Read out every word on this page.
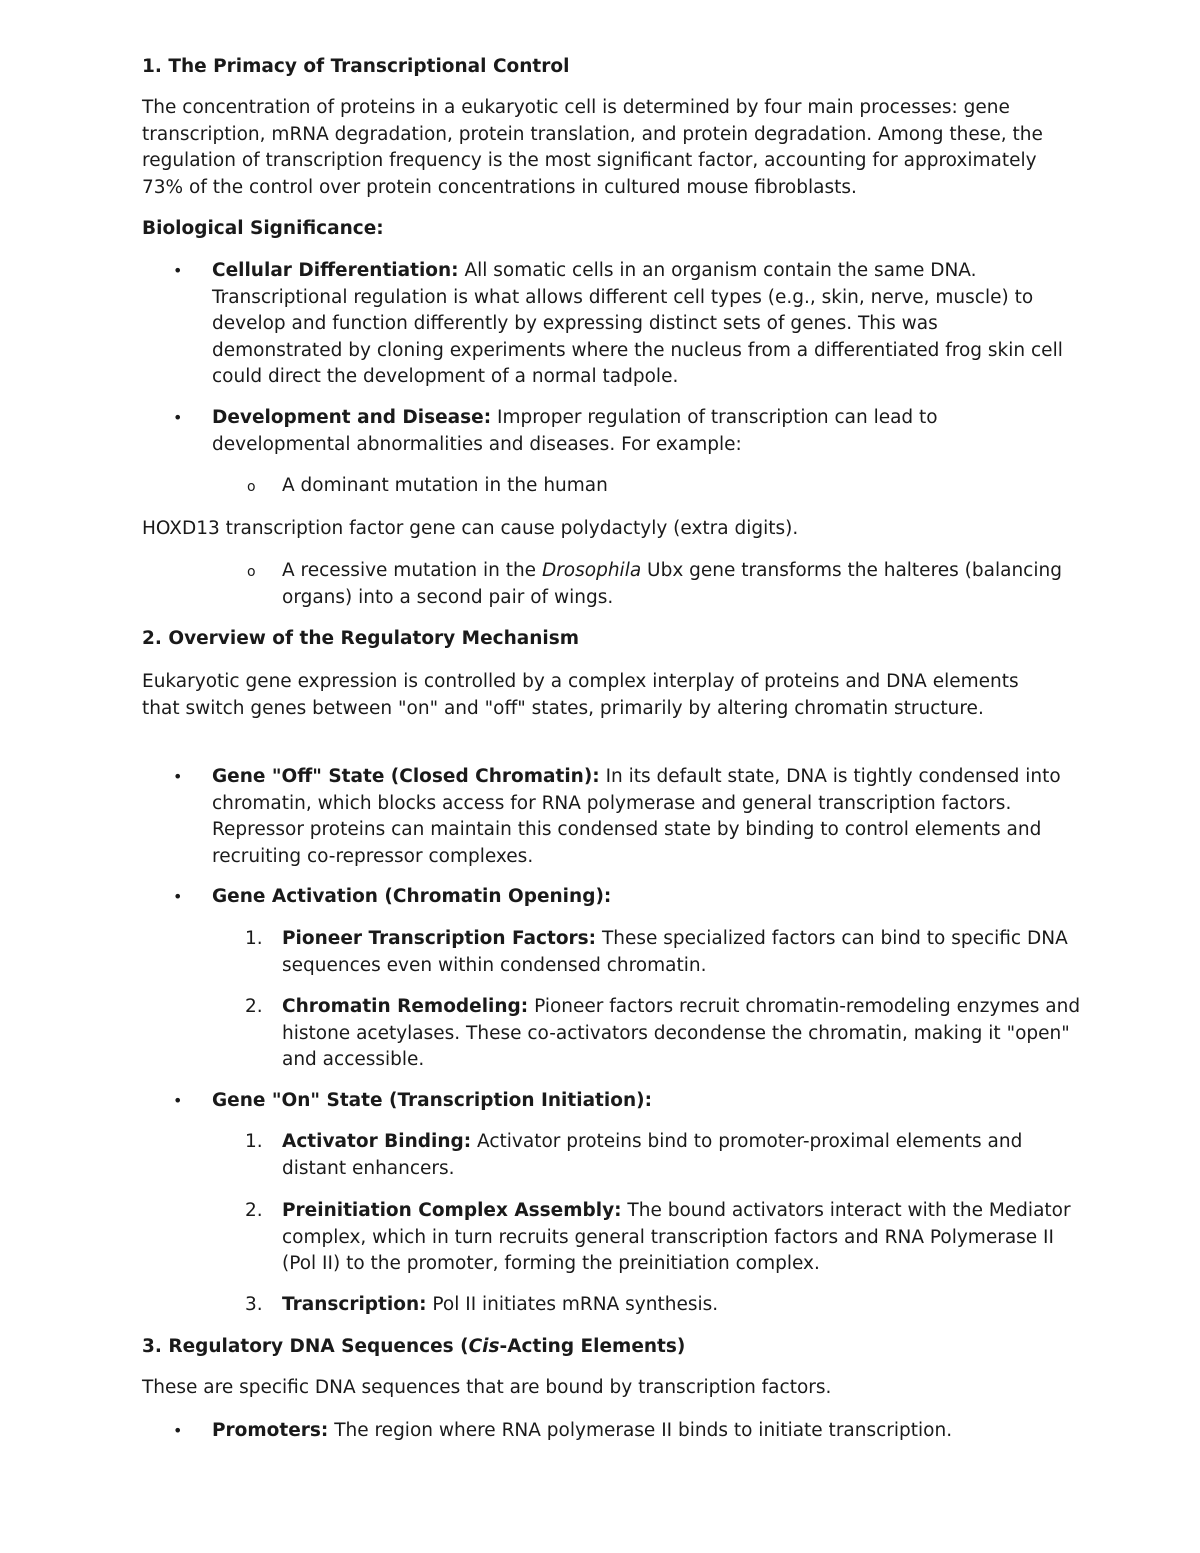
1. The Primacy of Transcriptional Control

The concentration of proteins in a eukaryotic cell is determined by four main processes: gene transcription, mRNA degradation, protein translation, and protein degradation. Among these, the regulation of transcription frequency is the most significant factor, accounting for approximately 73% of the control over protein concentrations in cultured mouse fibroblasts.

Biological Significance:

• Cellular Differentiation: All somatic cells in an organism contain the same DNA. Transcriptional regulation is what allows different cell types (e.g., skin, nerve, muscle) to develop and function differently by expressing distinct sets of genes. This was demonstrated by cloning experiments where the nucleus from a differentiated frog skin cell could direct the development of a normal tadpole.

• Development and Disease: Improper regulation of transcription can lead to developmental abnormalities and diseases. For example:

o A dominant mutation in the human

HOXD13 transcription factor gene can cause polydactyly (extra digits).

o A recessive mutation in the Drosophila Ubx gene transforms the halteres (balancing organs) into a second pair of wings.

2. Overview of the Regulatory Mechanism

Eukaryotic gene expression is controlled by a complex interplay of proteins and DNA elements that switch genes between "on" and "off" states, primarily by altering chromatin structure.

• Gene "Off" State (Closed Chromatin): In its default state, DNA is tightly condensed into chromatin, which blocks access for RNA polymerase and general transcription factors. Repressor proteins can maintain this condensed state by binding to control elements and recruiting co-repressor complexes.

• Gene Activation (Chromatin Opening):

1. Pioneer Transcription Factors: These specialized factors can bind to specific DNA sequences even within condensed chromatin.

2. Chromatin Remodeling: Pioneer factors recruit chromatin-remodeling enzymes and histone acetylases. These co-activators decondense the chromatin, making it "open" and accessible.

• Gene "On" State (Transcription Initiation):

1. Activator Binding: Activator proteins bind to promoter-proximal elements and distant enhancers.

2. Preinitiation Complex Assembly: The bound activators interact with the Mediator complex, which in turn recruits general transcription factors and RNA Polymerase II (Pol II) to the promoter, forming the preinitiation complex.

3. Transcription: Pol II initiates mRNA synthesis.

3. Regulatory DNA Sequences (Cis-Acting Elements)

These are specific DNA sequences that are bound by transcription factors.

• Promoters: The region where RNA polymerase II binds to initiate transcription.
